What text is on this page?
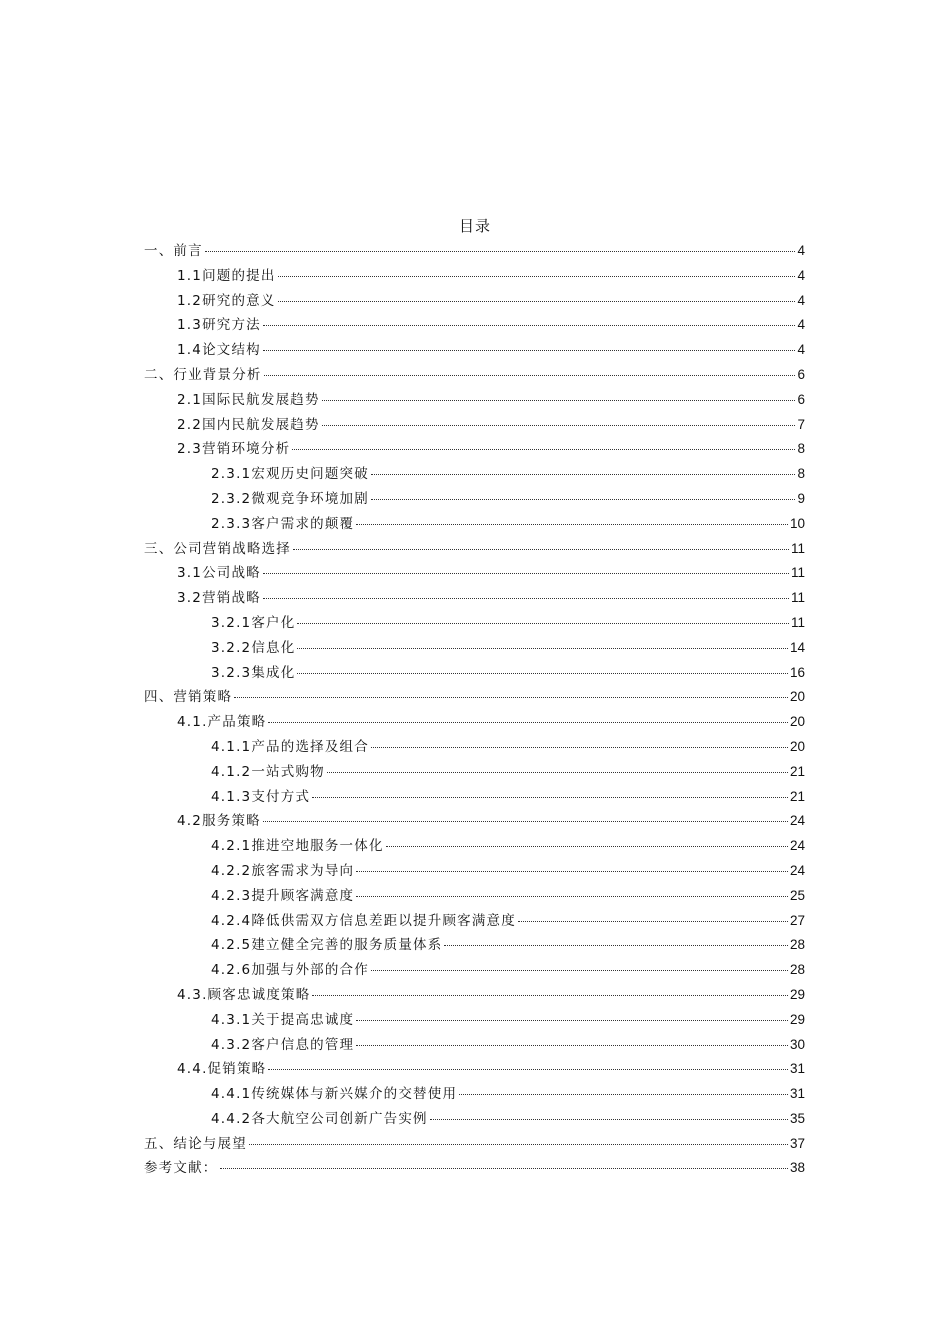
目录
一、前言	4
1.1问题的提出	4
1.2研究的意义	4
1.3研究方法	4
1.4论文结构	4
二、行业背景分析	6
2.1国际民航发展趋势	6
2.2国内民航发展趋势	7
2.3营销环境分析	8
2.3.1宏观历史问题突破	8
2.3.2微观竞争环境加剧	9
2.3.3客户需求的颠覆	10
三、公司营销战略选择	11
3.1公司战略	11
3.2营销战略	11
3.2.1客户化	11
3.2.2信息化	14
3.2.3集成化	16
四、营销策略	20
4.1.产品策略	20
4.1.1产品的选择及组合	20
4.1.2一站式购物	21
4.1.3支付方式	21
4.2服务策略	24
4.2.1推进空地服务一体化	24
4.2.2旅客需求为导向	24
4.2.3提升顾客满意度	25
4.2.4降低供需双方信息差距以提升顾客满意度	27
4.2.5建立健全完善的服务质量体系	28
4.2.6加强与外部的合作	28
4.3.顾客忠诚度策略	29
4.3.1关于提高忠诚度	29
4.3.2客户信息的管理	30
4.4.促销策略	31
4.4.1传统媒体与新兴媒介的交替使用	31
4.4.2各大航空公司创新广告实例	35
五、结论与展望	37
参考文献：	38
